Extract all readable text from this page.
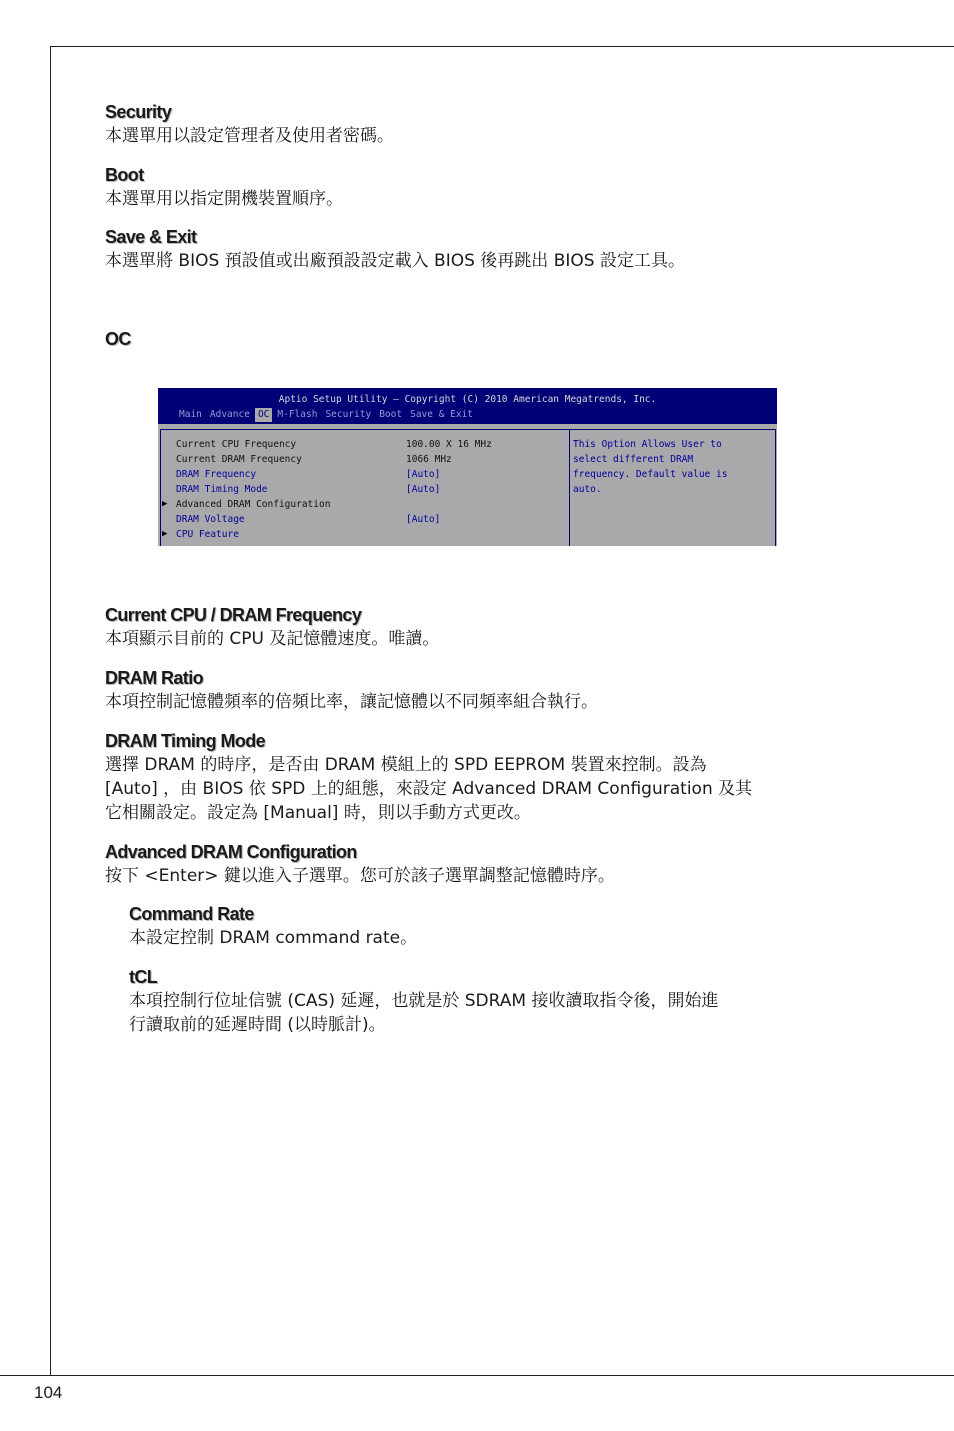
Security
本選單用以設定管理者及使用者密碼。
Boot
本選單用以指定開機裝置順序。
Save & Exit
本選單將 BIOS 預設值或出廠預設設定載入 BIOS 後再跳出 BIOS 設定工具。
OC
Aptio Setup Utility – Copyright (C) 2010 American Megatrends, Inc.
Main Advance OC M-Flash Security Boot Save & Exit
Current CPU Frequency	100.00 X 16 MHz
Current DRAM Frequency	1066 MHz
DRAM Frequency	[Auto]
DRAM Timing Mode	[Auto]
▶ Advanced DRAM Configuration
DRAM Voltage	[Auto]
▶ CPU Feature
This Option Allows User to
select different DRAM
frequency. Default value is
auto.
Current CPU / DRAM Frequency
本項顯示目前的 CPU 及記憶體速度。唯讀。
DRAM Ratio
本項控制記憶體頻率的倍頻比率，讓記憶體以不同頻率組合執行。
DRAM Timing Mode
選擇 DRAM 的時序，是否由 DRAM 模組上的 SPD EEPROM 裝置來控制。設為
[Auto] ，由 BIOS 依 SPD 上的組態，來設定 Advanced DRAM Configuration 及其
它相關設定。設定為 [Manual] 時，則以手動方式更改。
Advanced DRAM Configuration
按下 <Enter> 鍵以進入子選單。您可於該子選單調整記憶體時序。
Command Rate
本設定控制 DRAM command rate。
tCL
本項控制行位址信號 (CAS) 延遲，也就是於 SDRAM 接收讀取指令後，開始進
行讀取前的延遲時間 (以時脈計)。
104
